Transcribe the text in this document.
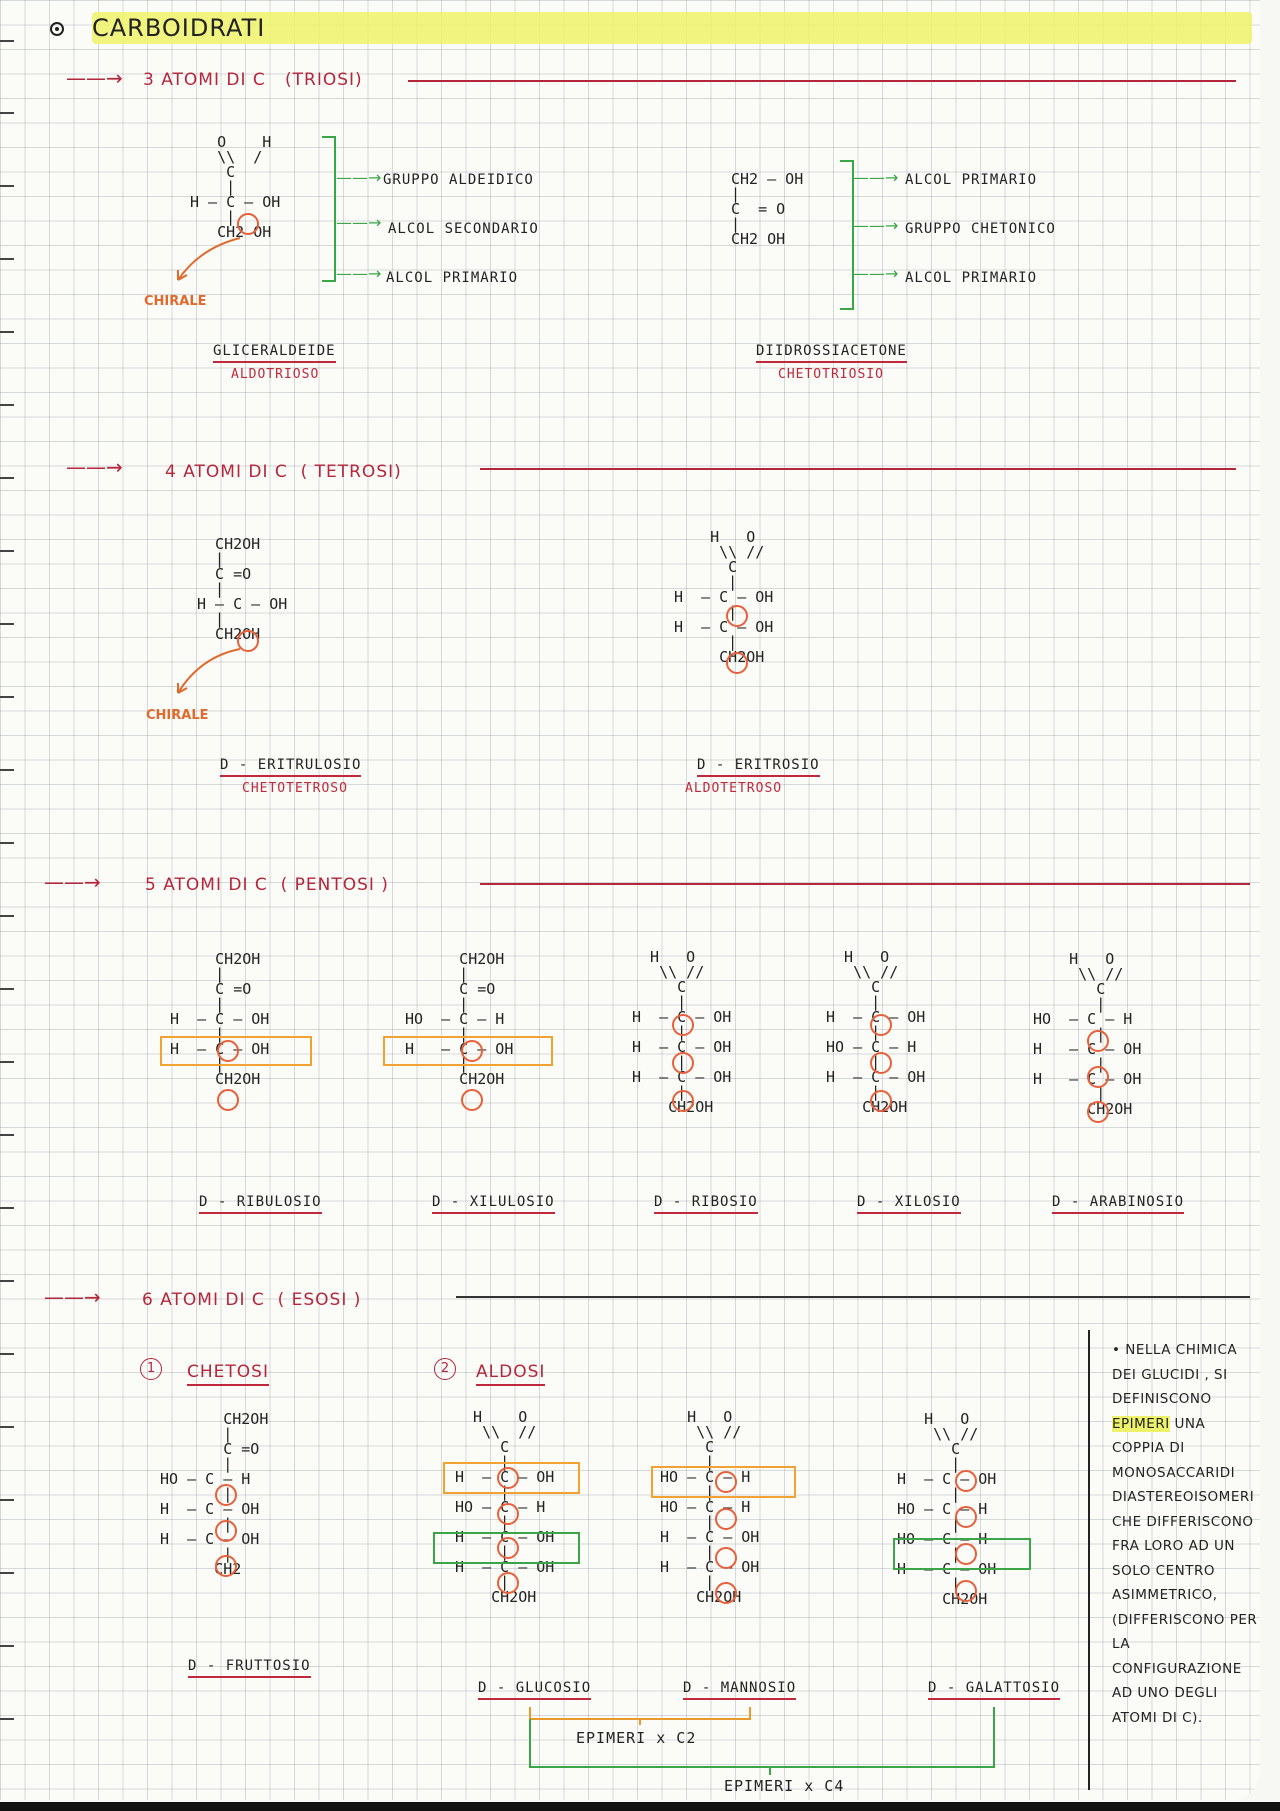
CARBOIDRATI
——→ 3 ATOMI DI C (TRIOSI)
O    H
\\  /
C
|
H — C — OH
|
CH2 OH
——→
——→
——→
GRUPPO ALDEIDICO
ALCOL SECONDARIO
ALCOL PRIMARIO
CHIRALE
GLICERALDEIDE
ALDOTRIOSO
CH2 — OH
|
C  = O
|
CH2 OH
——→
——→
——→
ALCOL PRIMARIO
GRUPPO CHETONICO
ALCOL PRIMARIO
DIIDROSSIACETONE
CHETOTRIOSIO
——→ 4 ATOMI DI C ( TETROSI)
CH2OH
|
C =O
|
H — C — OH
|
CH2OH
CHIRALE
D - ERITRULOSIO
CHETOTETROSO
H   O
\\ //
C
|
H  — C — OH
|
H  — C — OH
|
CH2OH
D - ERITROSIO
ALDOTETROSO
——→	5 ATOMI DI C ( PENTOSI )
CH2OH
|
C =O
|
H  — C — OH
|
H  — C — OH
|
CH2OH
D - RIBULOSIO
CH2OH
|
C =O
|
HO  — C — H
|
H   — C — OH
|
CH2OH
D - XILULOSIO
H   O
\\ //
C
|
H  — C — OH
|
H  — C — OH
|
H  — C — OH
|
CH2OH
D - RIBOSIO
H   O
\\ //
C
|
H  — C — OH
|
HO — C — H
|
H  — C — OH
|
CH2OH
D - XILOSIO
H   O
\\ //
C
|
HO  — C — H
|
H   — C — OH
|
H   — C — OH
|
CH2OH
D - ARABINOSIO
——→ 6 ATOMI DI C ( ESOSI )
1	CHETOSI	2	ALDOSI
CH2OH
|
C =O
|
HO — C — H
|
H  — C — OH
|
H  — C — OH
|
CH2
D - FRUTTOSIO
H    O
\\  //
C
|
H  — C — OH
|
HO — C — H
|
H  — C — OH
|
H  — C — OH
|
CH2OH
D - GLUCOSIO
H   O
\\ //
C
|
HO — C — H
|
HO — C — H
|
H  — C — OH
|
H  — C — OH
|
CH2OH
D - MANNOSIO
H   O
\\ //
C
|
H  — C — OH
|
HO — C — H
|
HO — C — H
|
H  — C — OH
|
CH2OH
D - GALATTOSIO
EPIMERI x C2
EPIMERI x C4
• NELLA CHIMICA DEI GLUCIDI , SI DEFINISCONO EPIMERI UNA COPPIA DI MONOSACCARIDI DIASTEREOISOMERI CHE DIFFERISCONO FRA LORO AD UN SOLO CENTRO ASIMMETRICO, (DIFFERISCONO PER LA CONFIGURAZIONE AD UNO DEGLI ATOMI DI C).
